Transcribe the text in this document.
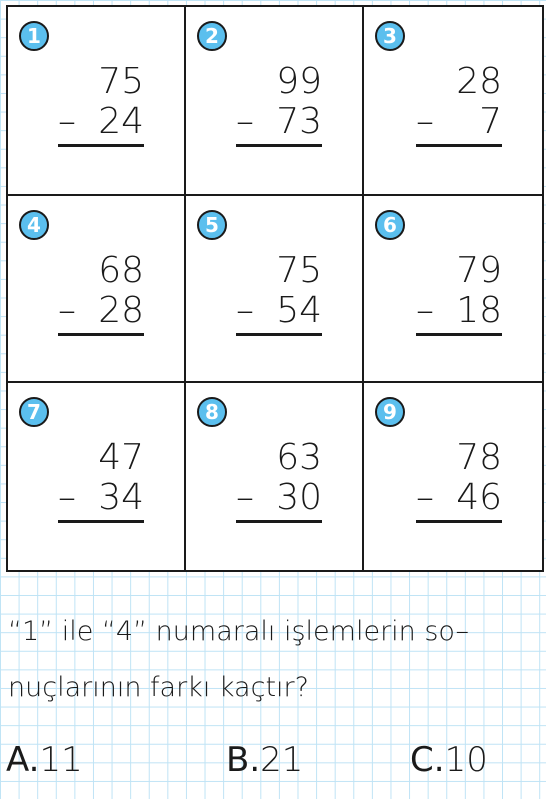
1
75
– 24
2
99
– 73
3
28
– 7
4
68
– 28
5
75
– 54
6
79
– 18
7
47
– 34
8
63
– 30
9
78
– 46
“1” ile “4” numaralı işlemlerin so–
nuçlarının farkı kaçtır?
A.11	B.21	C.10
